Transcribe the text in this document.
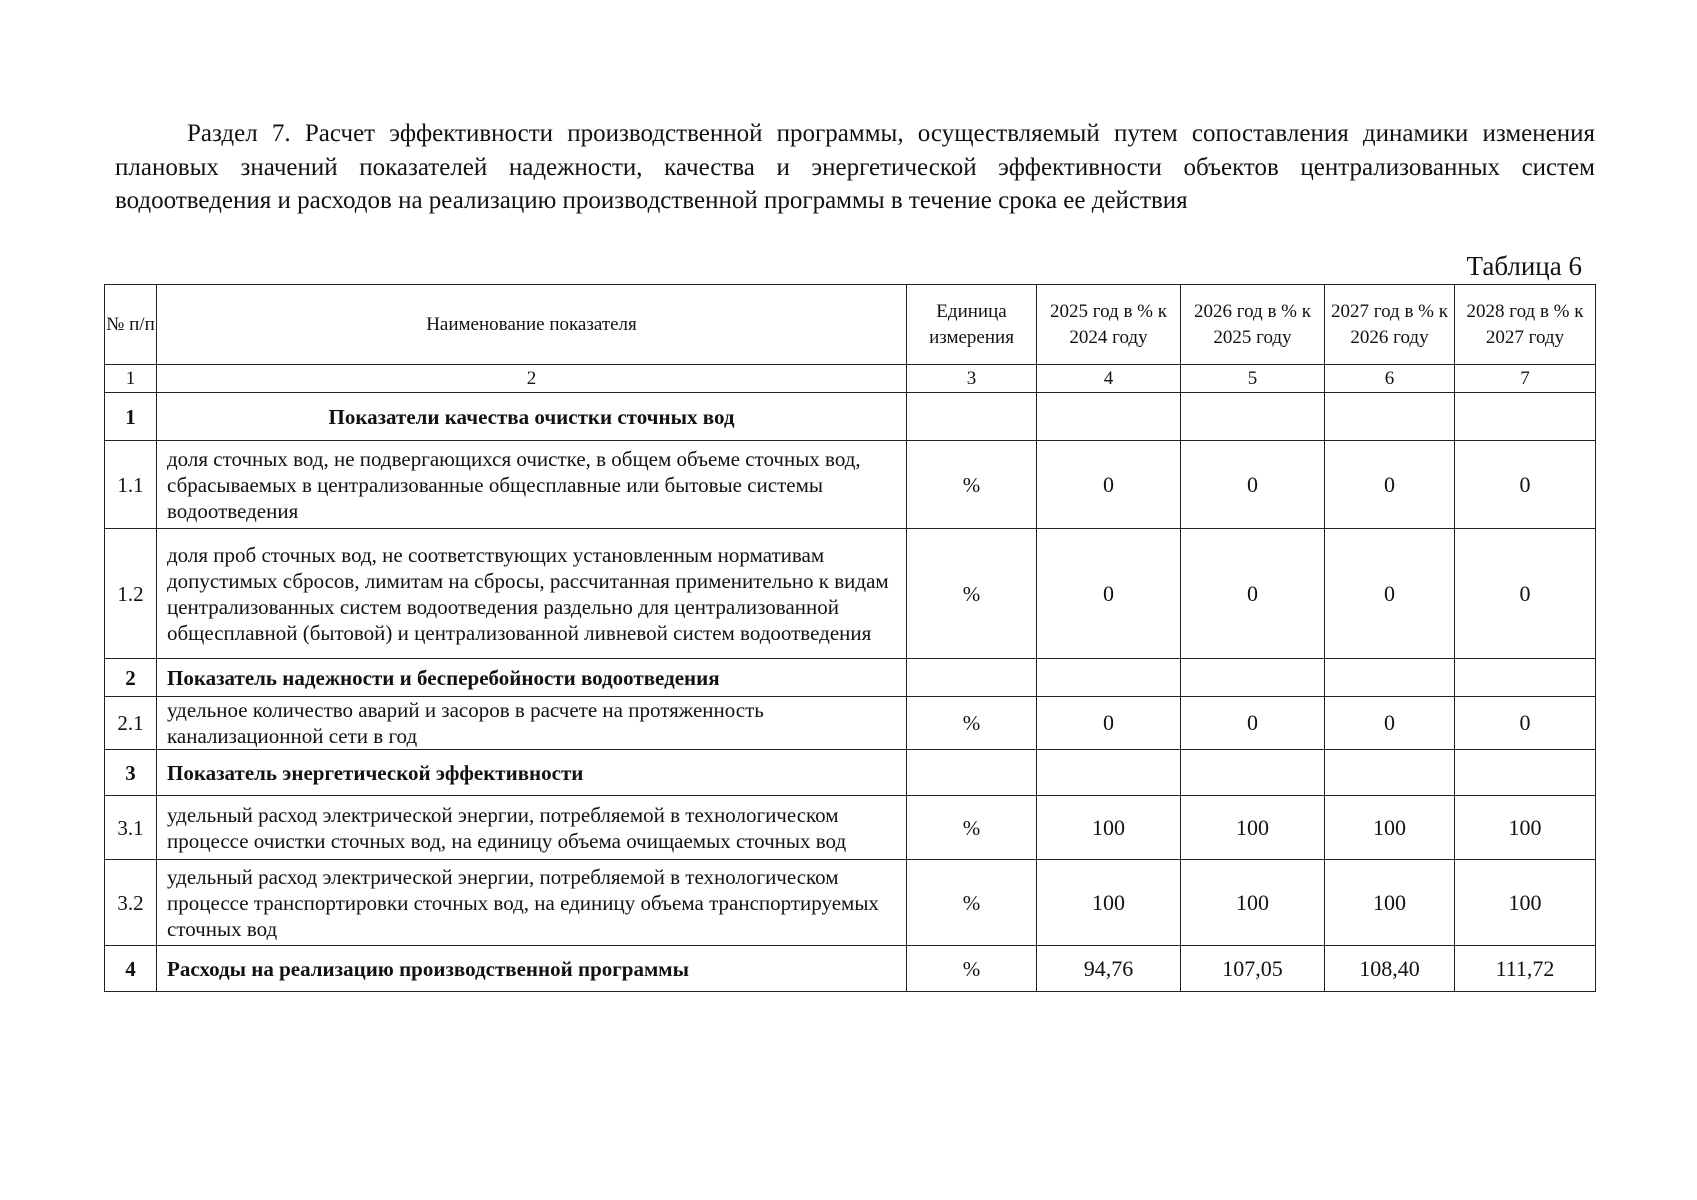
Раздел 7. Расчет эффективности производственной программы, осуществляемый путем сопоставления динамики изменения плановых значений показателей надежности, качества и энергетической эффективности объектов централизованных систем водоотведения и расходов на реализацию производственной программы в течение срока ее действия
Таблица 6
№ п/п	Наименование показателя	Единица измерения	2025 год в % к 2024 году	2026 год в % к 2025 году	2027 год в % к 2026 году	2028 год в % к 2027 году
1	2	3	4	5	6	7
1	Показатели качества очистки сточных вод					
1.1	доля сточных вод, не подвергающихся очистке, в общем объеме сточных вод, сбрасываемых в централизованные общесплавные или бытовые системы водоотведения	%	0	0	0	0
1.2	доля проб сточных вод, не соответствующих установленным нормативам допустимых сбросов, лимитам на сбросы, рассчитанная применительно к видам централизованных систем водоотведения раздельно для централизованной общесплавной (бытовой) и централизованной ливневой систем водоотведения	%	0	0	0	0
2	Показатель надежности и бесперебойности водоотведения					
2.1	удельное количество аварий и засоров в расчете на протяженность канализационной сети в год	%	0	0	0	0
3	Показатель энергетической эффективности					
3.1	удельный расход электрической энергии, потребляемой в технологическом процессе очистки сточных вод, на единицу объема очищаемых сточных вод	%	100	100	100	100
3.2	удельный расход электрической энергии, потребляемой в технологическом процессе транспортировки сточных вод, на единицу объема транспортируемых сточных вод	%	100	100	100	100
4	Расходы на реализацию производственной программы	%	94,76	107,05	108,40	111,72
